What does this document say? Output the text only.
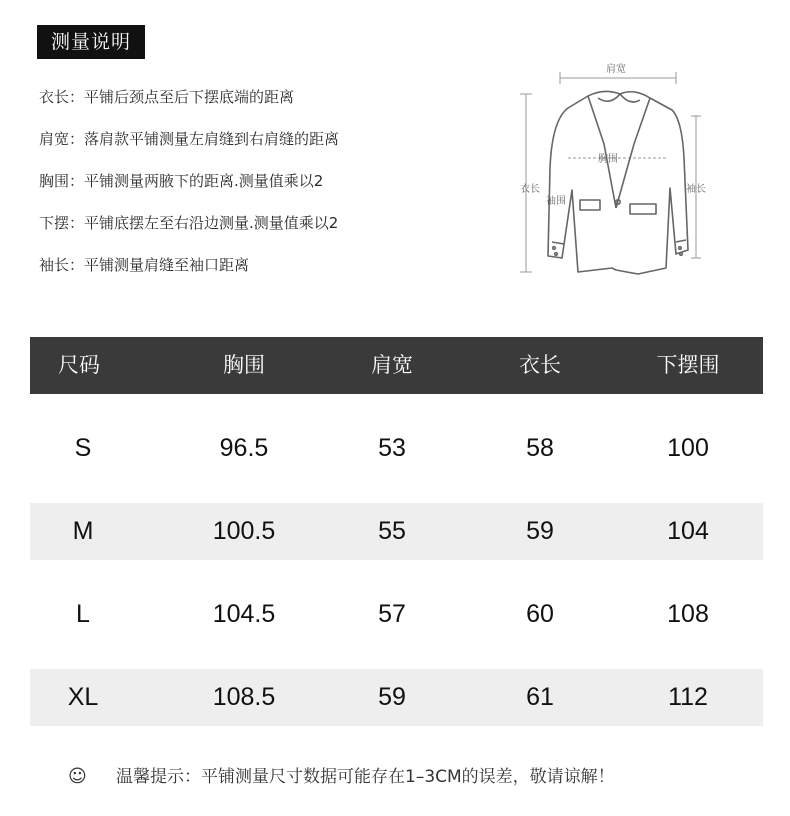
测量说明
衣长：平铺后颈点至后下摆底端的距离
肩宽：落肩款平铺测量左肩缝到右肩缝的距离
胸围：平铺测量两腋下的距离.测量值乘以2
下摆：平铺底摆左至右沿边测量.测量值乘以2
袖长：平铺测量肩缝至袖口距离
肩宽
胸围
衣长
袖围
袖长
尺码	胸围	肩宽	衣长	下摆围
S	96.5	53	58	100
M	100.5	55	59	104
L	104.5	57	60	108
XL	108.5	59	61	112
☺ 温馨提示：平铺测量尺寸数据可能存在1–3CM的误差，敬请谅解！
